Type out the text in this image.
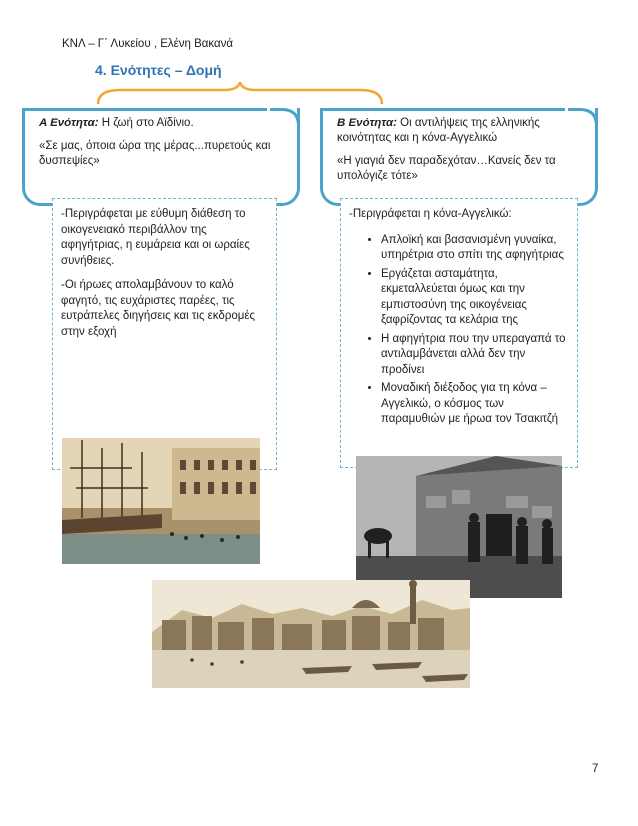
ΚΝΛ – Γ΄ Λυκείου , Ελένη Βακανά
4. Ενότητες – Δομή

Α Ενότητα: Η ζωή στο Αϊδίνιο.

«Σε μας, όποια ώρα της μέρας...πυρετούς και δυσπεψίες»

Β Ενότητα: Οι αντιλήψεις της ελληνικής κοινότητας και η κόνα-Αγγελικώ

«Η γιαγιά δεν παραδεχόταν…Κανείς δεν τα υπολόγιζε τότε»

-Περιγράφεται με εύθυμη διάθεση το οικογενειακό περιβάλλον της αφηγήτριας, η ευμάρεια και οι ωραίες συνήθειες.

-Οι ήρωες απολαμβάνουν το καλό φαγητό, τις ευχάριστες παρέες, τις ευτράπελες διηγήσεις και τις εκδρομές στην εξοχή

-Περιγράφεται η κόνα-Αγγελικώ:
• Απλοϊκή και βασανισμένη γυναίκα, υπηρέτρια στο σπίτι της αφηγήτριας
• Εργάζεται ασταμάτητα, εκμεταλλεύεται όμως και την εμπιστοσύνη της οικογένειας ξαφρίζοντας τα κελάρια της
• Η αφηγήτρια που την υπεραγαπά το αντιλαμβάνεται αλλά δεν την προδίνει
• Μοναδική διέξοδος για τη κόνα – Αγγελικώ, ο κόσμος των παραμυθιών με ήρωα τον Τσακιτζή
7
